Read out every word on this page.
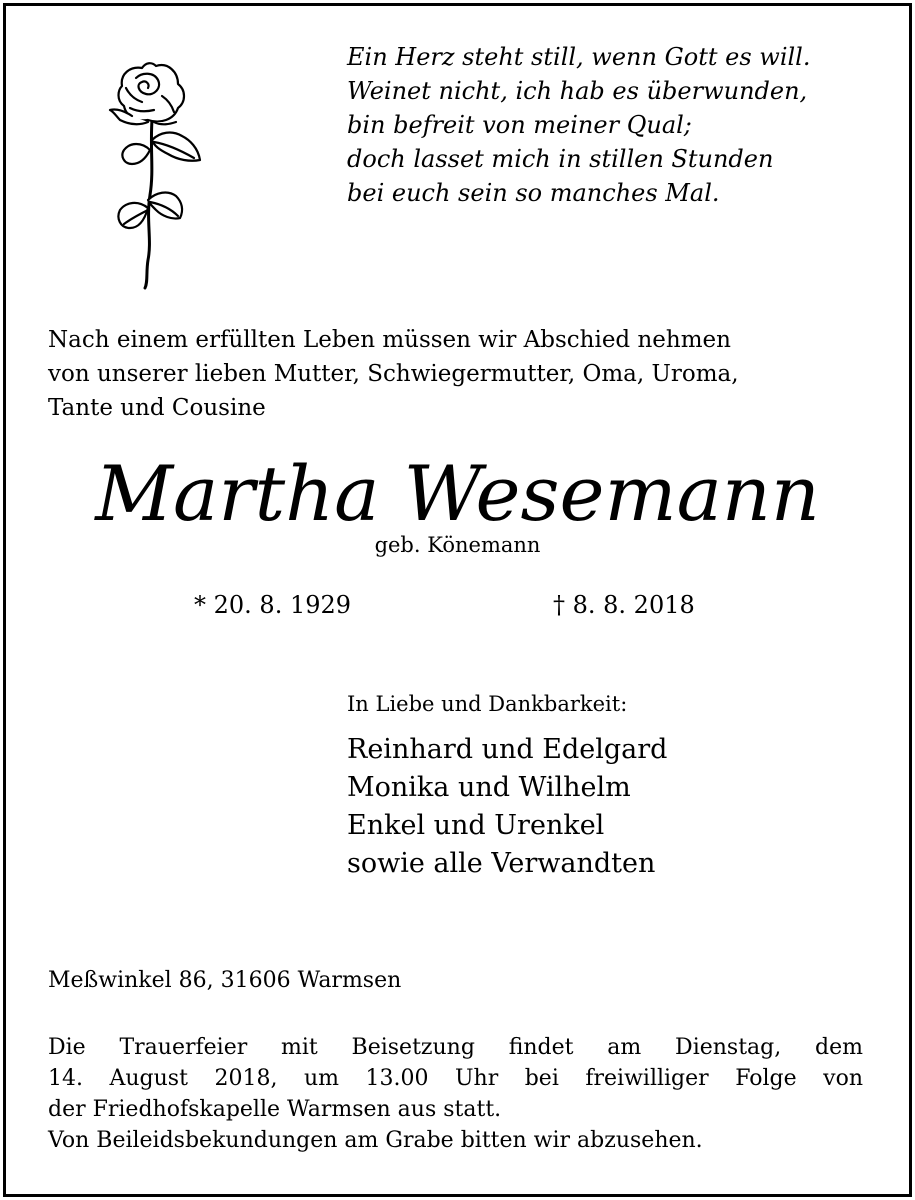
Ein Herz steht still, wenn Gott es will.
Weinet nicht, ich hab es überwunden,
bin befreit von meiner Qual;
doch lasset mich in stillen Stunden
bei euch sein so manches Mal.
Nach einem erfüllten Leben müssen wir Abschied nehmen
von unserer lieben Mutter, Schwiegermutter, Oma, Uroma,
Tante und Cousine
Martha Wesemann
geb. Könemann
* 20. 8. 1929	† 8. 8. 2018
In Liebe und Dankbarkeit:
Reinhard und Edelgard
Monika und Wilhelm
Enkel und Urenkel
sowie alle Verwandten
Meßwinkel 86, 31606 Warmsen
Die Trauerfeier mit Beisetzung findet am Dienstag, dem
14. August 2018, um 13.00 Uhr bei freiwilliger Folge von
der Friedhofskapelle Warmsen aus statt.
Von Beileidsbekundungen am Grabe bitten wir abzusehen.
